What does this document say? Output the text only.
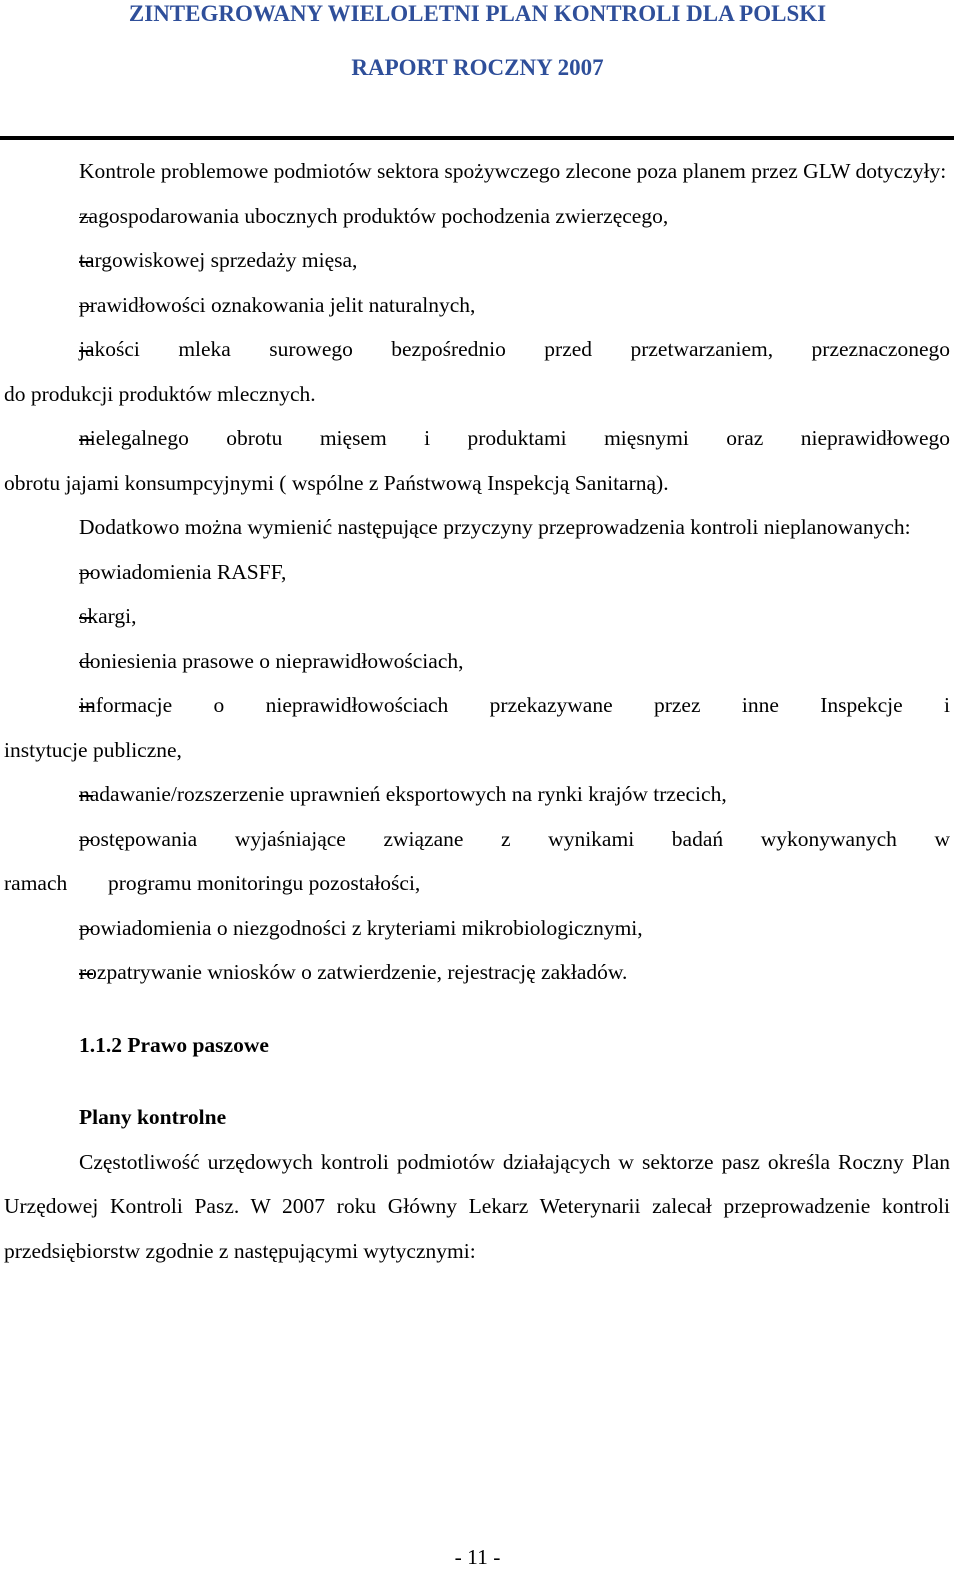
ZINTEGROWANY WIELOLETNI PLAN KONTROLI DLA POLSKI
RAPORT ROCZNY 2007

Kontrole problemowe podmiotów sektora spożywczego zlecone poza planem przez GLW dotyczyły:

zagospodarowania ubocznych produktów pochodzenia zwierzęcego,
targowiskowej sprzedaży mięsa,
prawidłowości oznakowania jelit naturalnych,
jakości mleka surowego bezpośrednio przed przetwarzaniem, przeznaczonego
do produkcji produktów mlecznych.
nielegalnego obrotu mięsem i produktami mięsnymi oraz nieprawidłowego
obrotu jajami konsumpcyjnymi ( wspólne z Państwową Inspekcją Sanitarną).

Dodatkowo można wymienić następujące przyczyny przeprowadzenia kontroli nieplanowanych:

powiadomienia RASFF,
skargi,
doniesienia prasowe o nieprawidłowościach,
informacje o nieprawidłowościach przekazywane przez inne Inspekcje i
instytucje publiczne,
nadawanie/rozszerzenie uprawnień eksportowych na rynki krajów trzecich,
postępowania wyjaśniające związane z wynikami badań wykonywanych w
ramach programu monitoringu pozostałości,
powiadomienia o niezgodności z kryteriami mikrobiologicznymi,
rozpatrywanie wniosków o zatwierdzenie, rejestrację zakładów.

1.1.2 Prawo paszowe

Plany kontrolne

Częstotliwość urzędowych kontroli podmiotów działających w sektorze pasz określa Roczny Plan Urzędowej Kontroli Pasz. W 2007 roku Główny Lekarz Weterynarii zalecał przeprowadzenie kontroli przedsiębiorstw zgodnie z następującymi wytycznymi:

- 11 -
